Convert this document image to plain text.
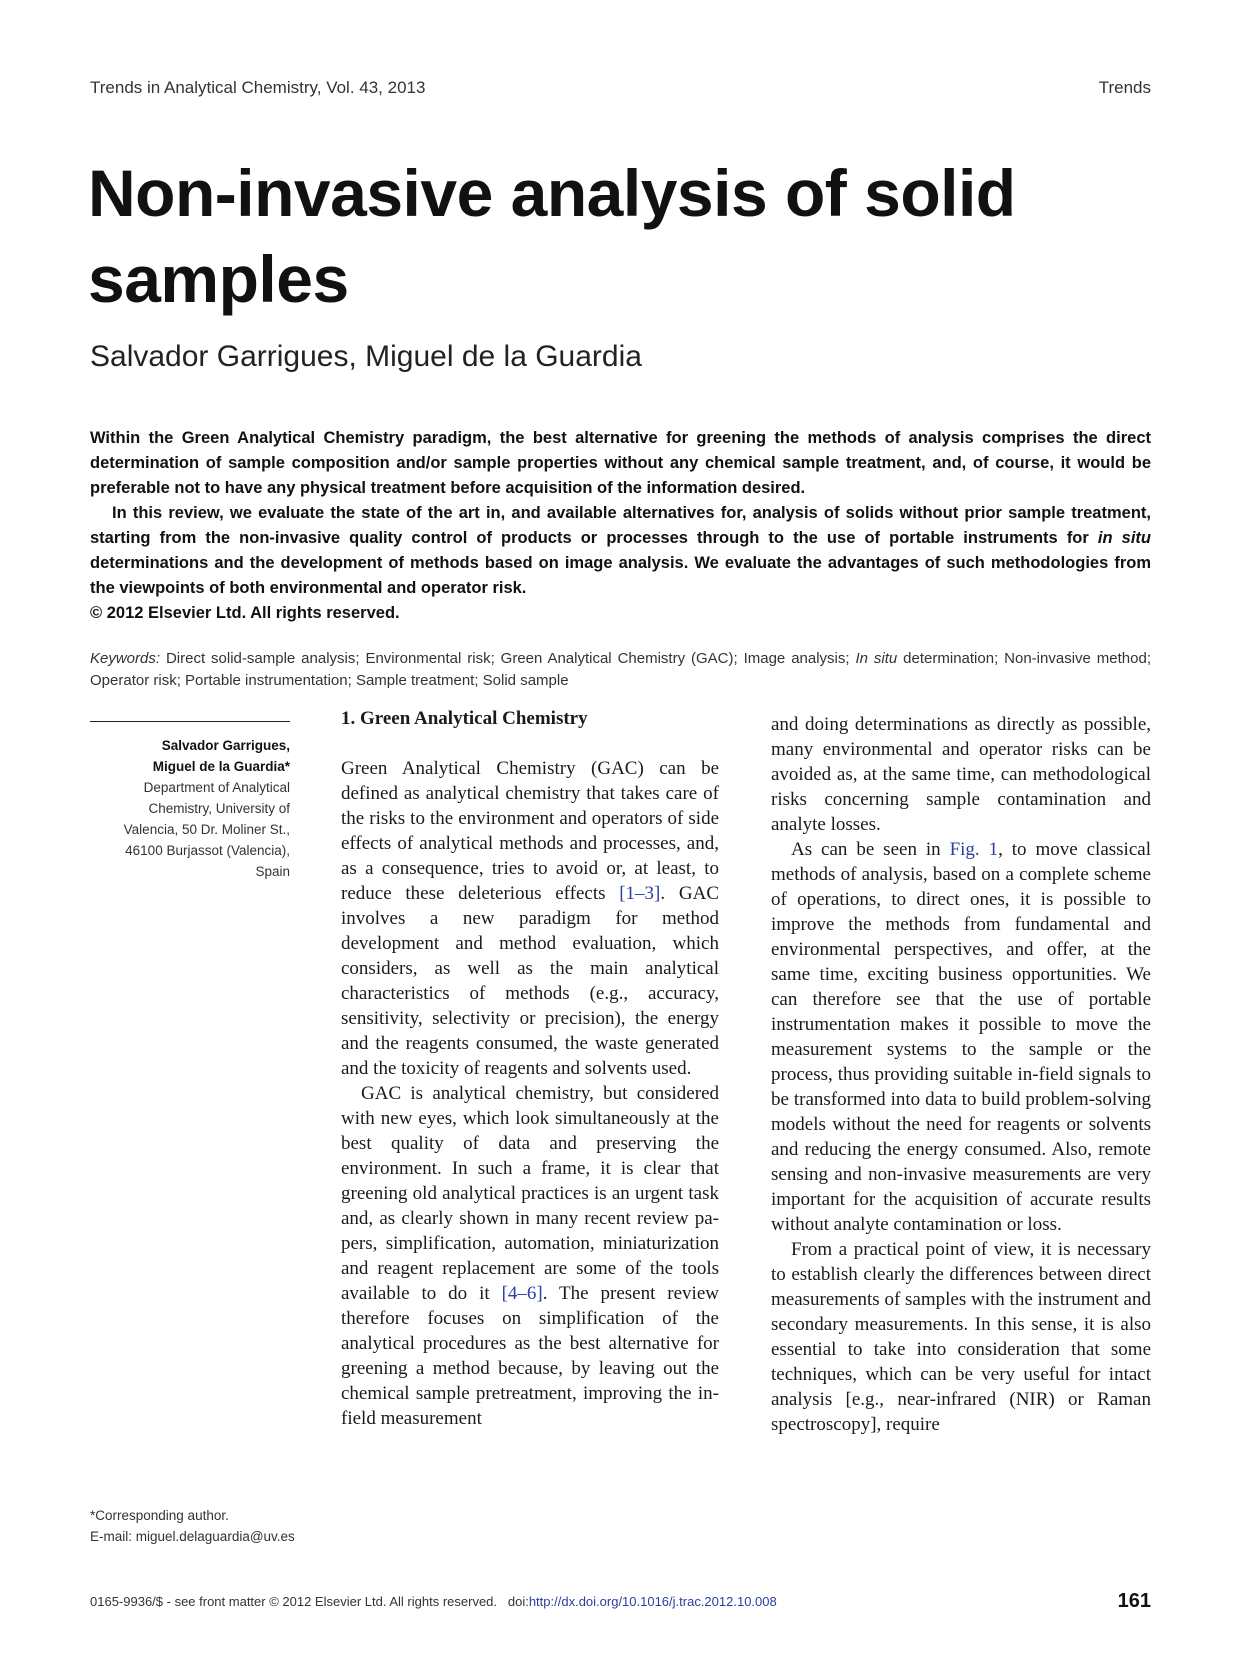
Trends in Analytical Chemistry, Vol. 43, 2013	Trends
Non-invasive analysis of solid samples
Salvador Garrigues, Miguel de la Guardia

Within the Green Analytical Chemistry paradigm, the best alternative for greening the methods of analysis comprises the direct determination of sample composition and/or sample properties without any chemical sample treatment, and, of course, it would be preferable not to have any physical treatment before acquisition of the information desired.

In this review, we evaluate the state of the art in, and available alternatives for, analysis of solids without prior sample treatment, starting from the non-invasive quality control of products or processes through to the use of portable instruments for in situ determinations and the development of methods based on image analysis. We evaluate the advantages of such methodologies from the viewpoints of both environmental and operator risk.

© 2012 Elsevier Ltd. All rights reserved.

Keywords: Direct solid-sample analysis; Environmental risk; Green Analytical Chemistry (GAC); Image analysis; In situ determination; Non-invasive method; Operator risk; Portable instrumentation; Sample treatment; Solid sample
Salvador Garrigues,
Miguel de la Guardia*
Department of Analytical
Chemistry, University of
Valencia, 50 Dr. Moliner St.,
46100 Burjassot (Valencia),
Spain
*Corresponding author.
E-mail: miguel.delaguardia@uv.es
1. Green Analytical Chemistry

Green Analytical Chemistry (GAC) can be defined as analytical chemistry that takes care of the risks to the environment and operators of side effects of analytical methods and processes, and, as a consequence, tries to avoid or, at least, to reduce these deleterious effects [1–3]. GAC involves a new paradigm for method development and method evaluation, which considers, as well as the main analytical characteristics of methods (e.g., accuracy, sensitivity, selectivity or precision), the energy and the reagents consumed, the waste generated and the toxicity of reagents and solvents used.

GAC is analytical chemistry, but considered with new eyes, which look simultaneously at the best quality of data and preserving the environment. In such a frame, it is clear that greening old analytical practices is an urgent task and, as clearly shown in many recent review papers, simplification, automation, miniaturization and reagent replacement are some of the tools available to do it [4–6]. The present review therefore focuses on simplification of the analytical procedures as the best alternative for greening a method because, by leaving out the chemical sample pretreatment, improving the in-field measurement

and doing determinations as directly as possible, many environmental and operator risks can be avoided as, at the same time, can methodological risks concerning sample contamination and analyte losses.

As can be seen in Fig. 1, to move classical methods of analysis, based on a complete scheme of operations, to direct ones, it is possible to improve the methods from fundamental and environmental perspectives, and offer, at the same time, exciting business opportunities. We can therefore see that the use of portable instrumentation makes it possible to move the measurement systems to the sample or the process, thus providing suitable in-field signals to be transformed into data to build problem-solving models without the need for reagents or solvents and reducing the energy consumed. Also, remote sensing and non-invasive measurements are very important for the acquisition of accurate results without analyte contamination or loss.

From a practical point of view, it is necessary to establish clearly the differences between direct measurements of samples with the instrument and secondary measurements. In this sense, it is also essential to take into consideration that some techniques, which can be very useful for intact analysis [e.g., near-infrared (NIR) or Raman spectroscopy], require

0165-9936/$ - see front matter © 2012 Elsevier Ltd. All rights reserved. doi:http://dx.doi.org/10.1016/j.trac.2012.10.008	161
